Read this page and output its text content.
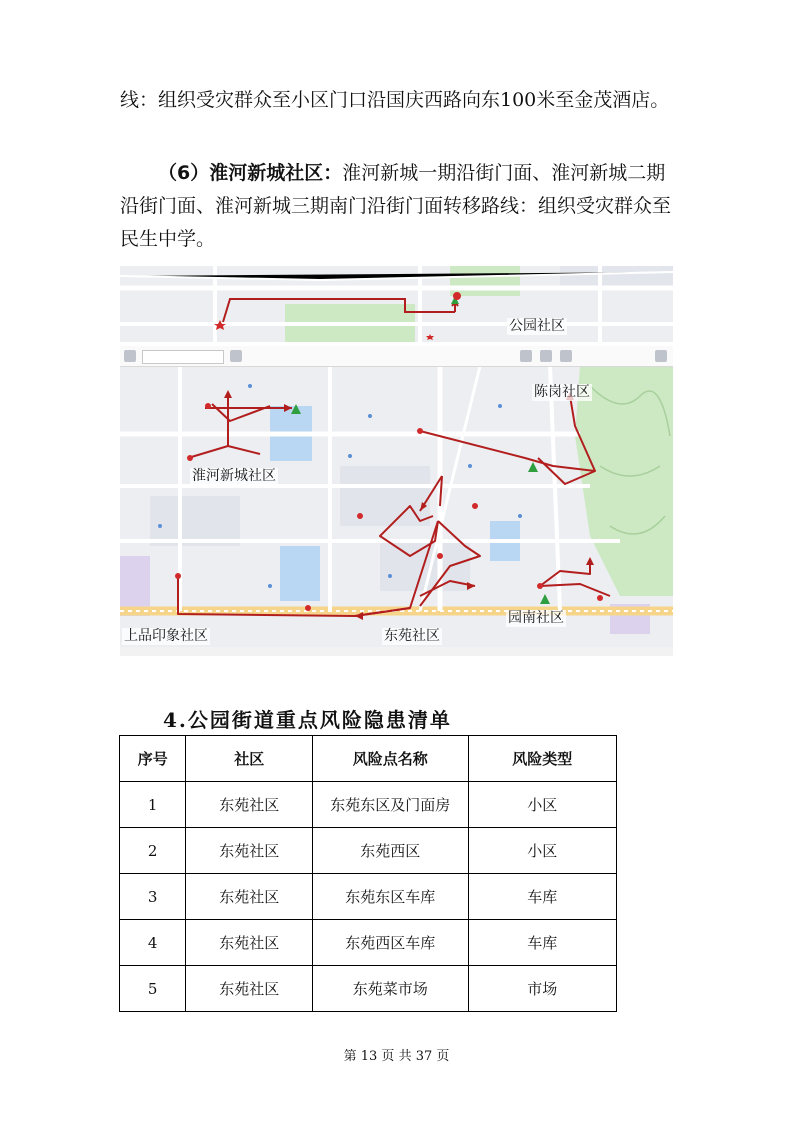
线：组织受灾群众至小区门口沿国庆西路向东100米至金茂酒店。

（6）淮河新城社区：淮河新城一期沿街门面、淮河新城二期沿街门面、淮河新城三期南门沿街门面转移路线：组织受灾群众至民生中学。

公园社区
陈岗社区
淮河新城社区
上品印象社区	东苑社区
园南社区
4.公园街道重点风险隐患清单
序号	社区	风险点名称	风险类型
1	东苑社区	东苑东区及门面房	小区
2	东苑社区	东苑西区	小区
3	东苑社区	东苑东区车库	车库
4	东苑社区	东苑西区车库	车库
5	东苑社区	东苑菜市场	市场
第 13 页 共 37 页
